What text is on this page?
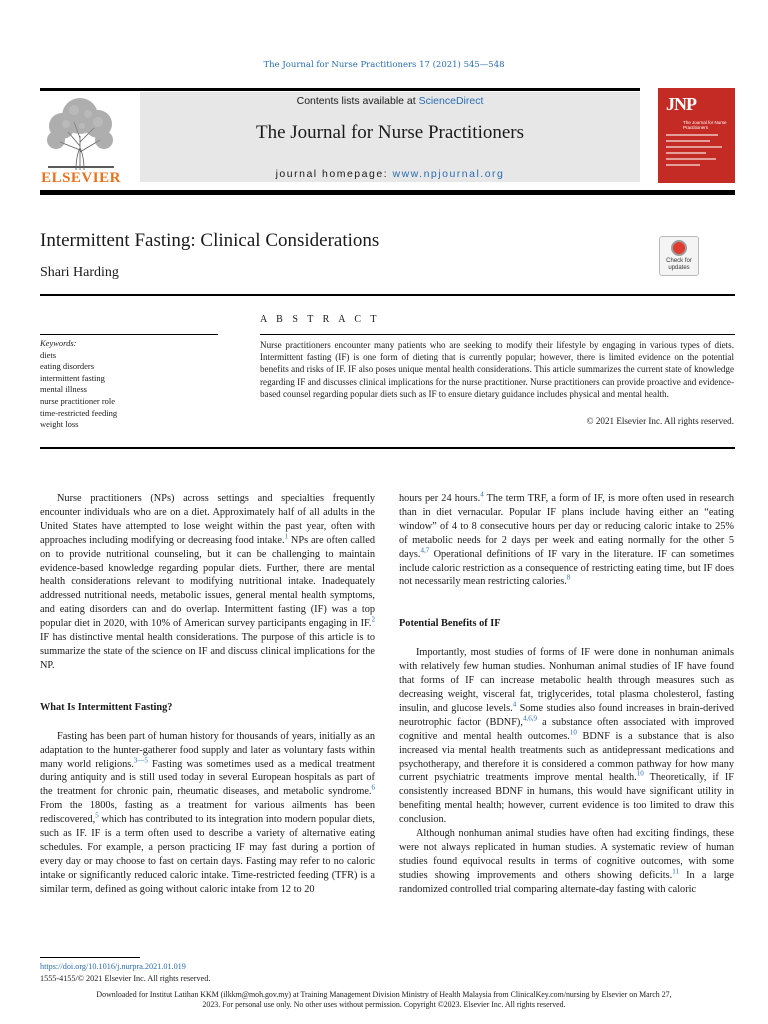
The Journal for Nurse Practitioners 17 (2021) 545—548
ELSEVIER
Contents lists available at ScienceDirect
The Journal for Nurse Practitioners
journal homepage: www.npjournal.org
JNP
The Journal for Nurse Practitioners
Intermittent Fasting: Clinical Considerations
Shari Harding
Check for updates
A B S T R A C T
Keywords:
diets
eating disorders
intermittent fasting
mental illness
nurse practitioner role
time-restricted feeding
weight loss
Nurse practitioners encounter many patients who are seeking to modify their lifestyle by engaging in various types of diets. Intermittent fasting (IF) is one form of dieting that is currently popular; however, there is limited evidence on the potential benefits and risks of IF. IF also poses unique mental health considerations. This article summarizes the current state of knowledge regarding IF and discusses clinical implications for the nurse practitioner. Nurse practitioners can provide proactive and evidence-based counsel regarding popular diets such as IF to ensure dietary guidance includes physical and mental health.
© 2021 Elsevier Inc. All rights reserved.

Nurse practitioners (NPs) across settings and specialties frequently encounter individuals who are on a diet. Approximately half of all adults in the United States have attempted to lose weight within the past year, often with approaches including modifying or decreasing food intake.$^1$ NPs are often called on to provide nutritional counseling, but it can be challenging to maintain evidence-based knowledge regarding popular diets. Further, there are mental health considerations relevant to modifying nutritional intake. Inadequately addressed nutritional needs, metabolic issues, general mental health symptoms, and eating disorders can and do overlap. Intermittent fasting (IF) was a top popular diet in 2020, with 10% of American survey participants engaging in IF.$^2$ IF has distinctive mental health considerations. The purpose of this article is to summarize the state of the science on IF and discuss clinical implications for the NP.

What Is Intermittent Fasting?

Fasting has been part of human history for thousands of years, initially as an adaptation to the hunter-gatherer food supply and later as voluntary fasts within many world religions.$^{3—5}$ Fasting was sometimes used as a medical treatment during antiquity and is still used today in several European hospitals as part of the treatment for chronic pain, rheumatic diseases, and metabolic syndrome.$^6$ From the 1800s, fasting as a treatment for various ailments has been rediscovered,$^5$ which has contributed to its integration into modern popular diets, such as IF. IF is a term often used to describe a variety of alternative eating schedules. For example, a person practicing IF may fast during a portion of every day or may choose to fast on certain days. Fasting may refer to no caloric intake or significantly reduced caloric intake. Time-restricted feeding (TFR) is a similar term, defined as going without caloric intake from 12 to 20

hours per 24 hours.$^4$ The term TRF, a form of IF, is more often used in research than in diet vernacular. Popular IF plans include having either an “eating window” of 4 to 8 consecutive hours per day or reducing caloric intake to 25% of metabolic needs for 2 days per week and eating normally for the other 5 days.$^{4,7}$ Operational definitions of IF vary in the literature. IF can sometimes include caloric restriction as a consequence of restricting eating time, but IF does not necessarily mean restricting calories.$^8$

Potential Benefits of IF

Importantly, most studies of forms of IF were done in nonhuman animals with relatively few human studies. Nonhuman animal studies of IF have found that forms of IF can increase metabolic health through measures such as decreasing weight, visceral fat, triglycerides, total plasma cholesterol, fasting insulin, and glucose levels.$^4$ Some studies also found increases in brain-derived neurotrophic factor (BDNF),$^{4,6,9}$ a substance often associated with improved cognitive and mental health outcomes.$^{10}$ BDNF is a substance that is also increased via mental health treatments such as antidepressant medications and psychotherapy, and therefore it is considered a common pathway for how many current psychiatric treatments improve mental health.$^{10}$ Theoretically, if IF consistently increased BDNF in humans, this would have significant utility in benefiting mental health; however, current evidence is too limited to draw this conclusion.

Although nonhuman animal studies have often had exciting findings, these were not always replicated in human studies. A systematic review of human studies found equivocal results in terms of cognitive outcomes, with some studies showing improvements and others showing deficits.$^{11}$ In a large randomized controlled trial comparing alternate-day fasting with caloric

https://doi.org/10.1016/j.nurpra.2021.01.019
1555-4155/© 2021 Elsevier Inc. All rights reserved.
Downloaded for Institut Latihan KKM (ilkkm@moh.gov.my) at Training Management Division Ministry of Health Malaysia from ClinicalKey.com/nursing by Elsevier on March 27, 2023. For personal use only. No other uses without permission. Copyright ©2023. Elsevier Inc. All rights reserved.
